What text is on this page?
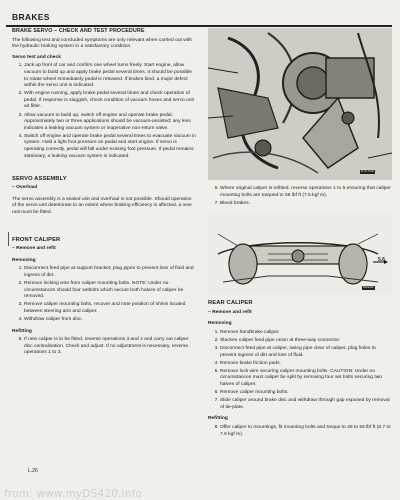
BRAKES
BRAKE SERVO – CHECK AND TEST PROCEDURE
The following test and concluded symptoms are only relevant when carried out with the hydraulic braking system in a satisfactory condition.
Servo test and check
1. Jack up front of car and confirm one wheel turns freely. Start engine, allow vacuum to build up and apply brake pedal several times. It should be possible to rotate wheel immediately pedal is released. If brakes bind, a major defect within the servo unit is indicated.
2. With engine running, apply brake pedal several times and check operation of pedal. If response is sluggish, check condition of vacuum hoses and servo unit air filter.
3. Allow vacuum to build up, switch off engine and operate brake pedal. Approximately two or three applications should be vacuum-assisted; any less indicates a leaking vacuum system or inoperative non-return valve.
4. Switch off engine and operate brake pedal several times to evacuate vacuum in system. Hold a light foot pressure on pedal and start engine. If servo is operating correctly, pedal will fall under existing foot pressure. If pedal remains stationary, a leaking vacuum system is indicated.
SERVO ASSEMBLY
– Overhaul
The servo assembly is a sealed unit and overhaul is not possible. Should operation of the servo unit deteriorate to an extent where braking efficiency is affected, a new unit must be fitted.
FRONT CALIPER
– Remove and refit
Removing
1. Disconnect feed pipe at support bracket; plug pipes to prevent loss of fluid and ingress of dirt.
2. Remove locking wire from caliper mounting bolts. NOTE: Under no circumstances should four setbolts which secure both halves of caliper be removed.
3. Remove caliper mounting bolts, recover and note position of shims located between steering arm and caliper.
4. Withdraw caliper from disc.
Refitting
5. If new caliper is to be fitted, reverse operations 3 and 4 and carry out caliper disc centralisation. Check and adjust. If no adjustment is necessary, reverse operations 1 to 3.
L.26
K75758
6. Where original caliper is refitted, reverse operations 1 to 5 ensuring that caliper mounting bolts are torqued to 55 lbf ft (7.5 kgf m).
7. Bleed brakes.
K8938
5.6
REAR CALIPER
– Remove and refit
Removing
1. Remove handbrake caliper.
2. Slacken caliper feed pipe union at three-way connector.
3. Disconnect feed pipe at caliper, swing pipe clear of caliper, plug holes to prevent ingress of dirt and loss of fluid.
4. Remove brake friction pads.
5. Remove lock wire securing caliper mounting bolts. CAUTION: Under no circumstances must caliper be split by removing four set bolts securing two halves of caliper.
6. Remove caliper mounting bolts.
7. Slide caliper around brake disc and withdraw through gap exposed by removal of tie-plate.
Refitting
8. Offer caliper to mountings, fit mounting bolts and torque to 49 to 55 lbf ft (6.7 to 7.6 kgf m).
from: www.myDS420.info
